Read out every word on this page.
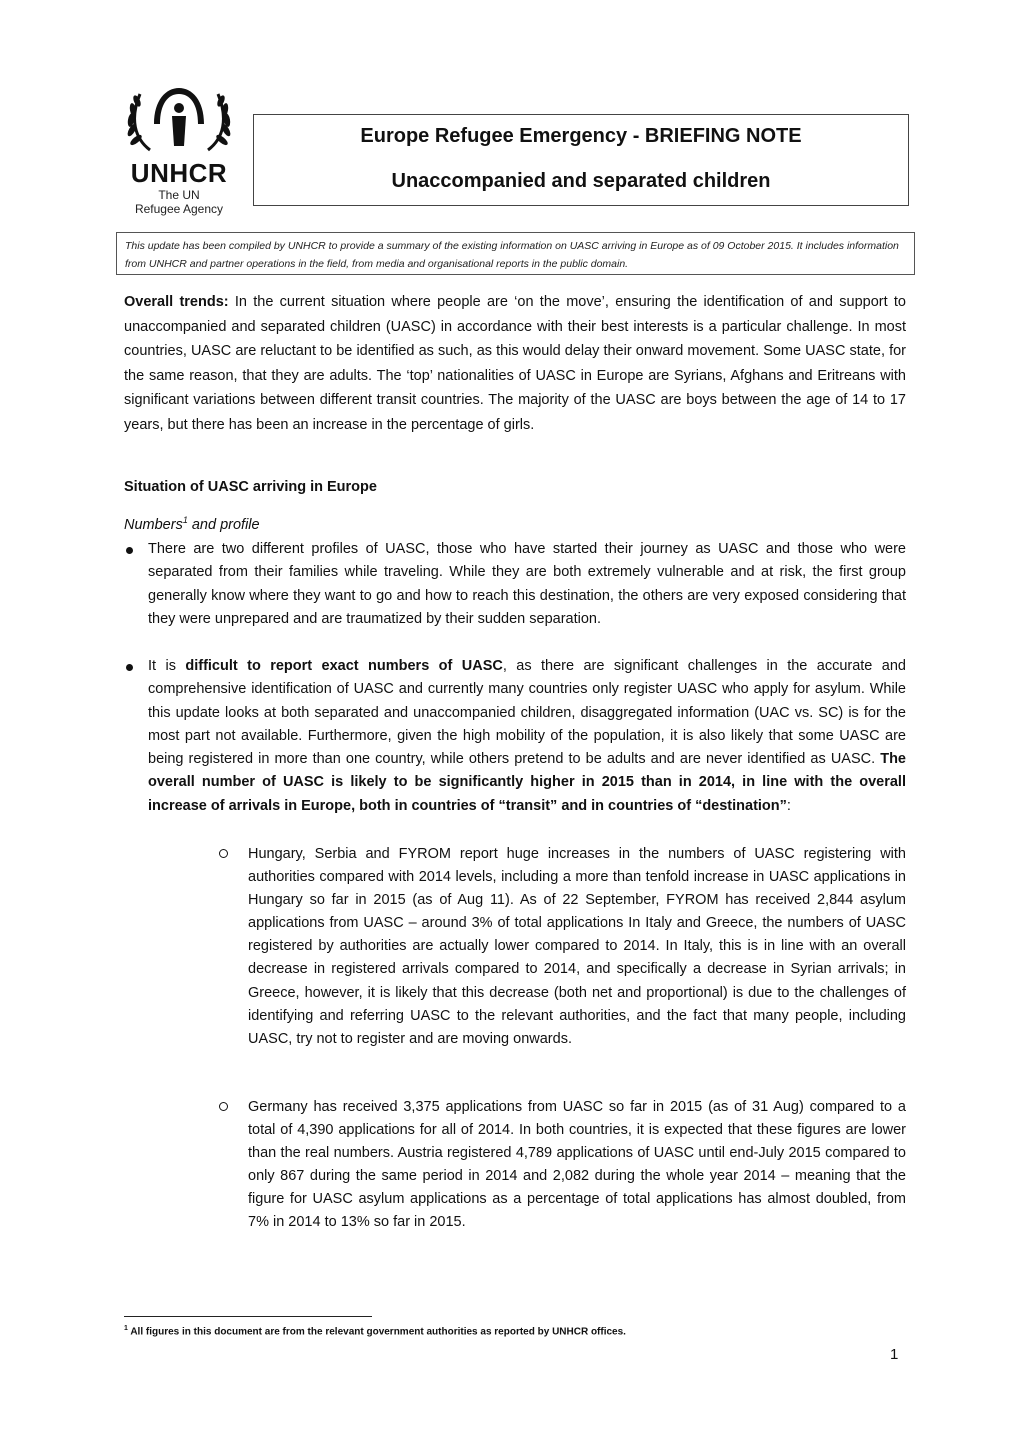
UNHCR
The UN
Refugee Agency
Europe Refugee Emergency - BRIEFING NOTE
Unaccompanied and separated children
This update has been compiled by UNHCR to provide a summary of the existing information on UASC arriving in Europe as of 09 October 2015. It includes information from UNHCR and partner operations in the field, from media and organisational reports in the public domain.
Overall trends: In the current situation where people are ‘on the move’, ensuring the identification of and support to unaccompanied and separated children (UASC) in accordance with their best interests is a particular challenge. In most countries, UASC are reluctant to be identified as such, as this would delay their onward movement. Some UASC state, for the same reason, that they are adults. The ‘top’ nationalities of UASC in Europe are Syrians, Afghans and Eritreans with significant variations between different transit countries. The majority of the UASC are boys between the age of 14 to 17 years, but there has been an increase in the percentage of girls.
Situation of UASC arriving in Europe
Numbers$^1$ and profile
There are two different profiles of UASC, those who have started their journey as UASC and those who were separated from their families while traveling. While they are both extremely vulnerable and at risk, the first group generally know where they want to go and how to reach this destination, the others are very exposed considering that they were unprepared and are traumatized by their sudden separation.
It is difficult to report exact numbers of UASC, as there are significant challenges in the accurate and comprehensive identification of UASC and currently many countries only register UASC who apply for asylum. While this update looks at both separated and unaccompanied children, disaggregated information (UAC vs. SC) is for the most part not available. Furthermore, given the high mobility of the population, it is also likely that some UASC are being registered in more than one country, while others pretend to be adults and are never identified as UASC. The overall number of UASC is likely to be significantly higher in 2015 than in 2014, in line with the overall increase of arrivals in Europe, both in countries of “transit” and in countries of “destination”:
Hungary, Serbia and FYROM report huge increases in the numbers of UASC registering with authorities compared with 2014 levels, including a more than tenfold increase in UASC applications in Hungary so far in 2015 (as of Aug 11). As of 22 September, FYROM has received 2,844 asylum applications from UASC – around 3% of total applications In Italy and Greece, the numbers of UASC registered by authorities are actually lower compared to 2014. In Italy, this is in line with an overall decrease in registered arrivals compared to 2014, and specifically a decrease in Syrian arrivals; in Greece, however, it is likely that this decrease (both net and proportional) is due to the challenges of identifying and referring UASC to the relevant authorities, and the fact that many people, including UASC, try not to register and are moving onwards.
Germany has received 3,375 applications from UASC so far in 2015 (as of 31 Aug) compared to a total of 4,390 applications for all of 2014. In both countries, it is expected that these figures are lower than the real numbers. Austria registered 4,789 applications of UASC until end-July 2015 compared to only 867 during the same period in 2014 and 2,082 during the whole year 2014 – meaning that the figure for UASC asylum applications as a percentage of total applications has almost doubled, from 7% in 2014 to 13% so far in 2015.
$^1$ All figures in this document are from the relevant government authorities as reported by UNHCR offices.
1
